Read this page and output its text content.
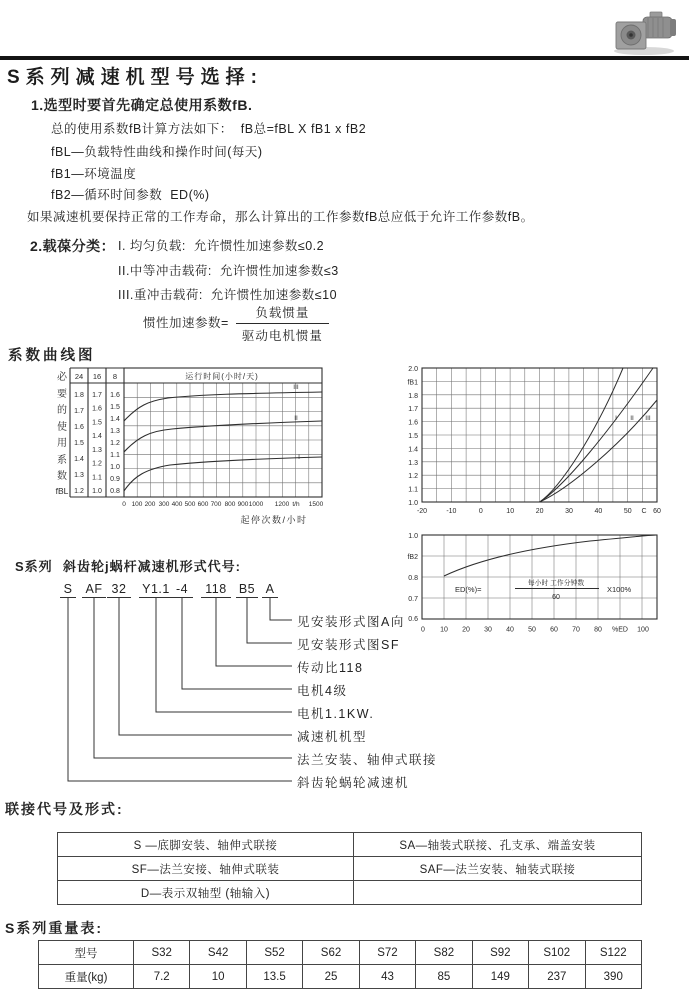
S系列减速机型号选择:
1.选型时要首先确定总使用系数fB.
总的使用系数fB计算方法如下：  fB总=fBL X fB1 x fB2
fBL—负载特性曲线和操作时间(每天)
fB1—环境温度
fB2—循环时间参数  ED(%)
如果减速机要保持正常的工作寿命，那么计算出的工作参数fB总应低于允许工作参数fB。
2.载葆分类： I. 均匀负载:  允许惯性加速参数≤0.2
II.中等冲击载荷:  允许惯性加速参数≤3
III.重冲击载荷:  允许惯性加速参数≤10
惯性加速参数= $\frac{\text{负载惯量}}{\text{驱动电机惯量}}$
系数曲线图
必
要
的
使
用
系
数
fBL
24 16 8	运行时间(小时/天)
1.8
1.7
1.6
1.5
1.4
1.3
1.2
1.7
1.6
1.5
1.4
1.3
1.2
1.1
1.0
1.6
1.5
1.4
1.3
1.2
1.1
1.0
0.9
0.8
III
II
I
0 100 200 300 400 500 600 700 800 900 1000 1200 t/h 1500
起停次数/小时
2.0
fB1
1.8
1.7
1.6
1.5
1.4
1.3
1.2
1.1
1.0
-20	-10	0	10	20	30	40	50 C 60
I II III
1.0
fB2
0.8
0.7
0.6
0 10 20 30 40 50 60 70 80 %ED 100
ED(%)=
每小时 工作分钟数
60
X100%
S系列 斜齿轮j蜗杆减速机形式代号:
S AF 32	Y1.1 -4	118 B5 A
见安装形式图A向
见安装形式图SF
传动比118
电机4级
电机1.1KW.
减速机机型
法兰安装、轴伸式联接
斜齿轮蜗轮减速机
联接代号及形式:
S —底脚安装、轴伸式联接	SA—轴装式联接、孔支承、端盖安装
SF—法兰安接、轴伸式联装	SAF—法兰安装、轴装式联接
D—表示双轴型 (轴输入)	
S系列重量表:
型号	S32	S42	S52	S62	S72	S82	S92	S102	S122
重量(kg)	7.2	10	13.5	25	43	85	149	237	390
